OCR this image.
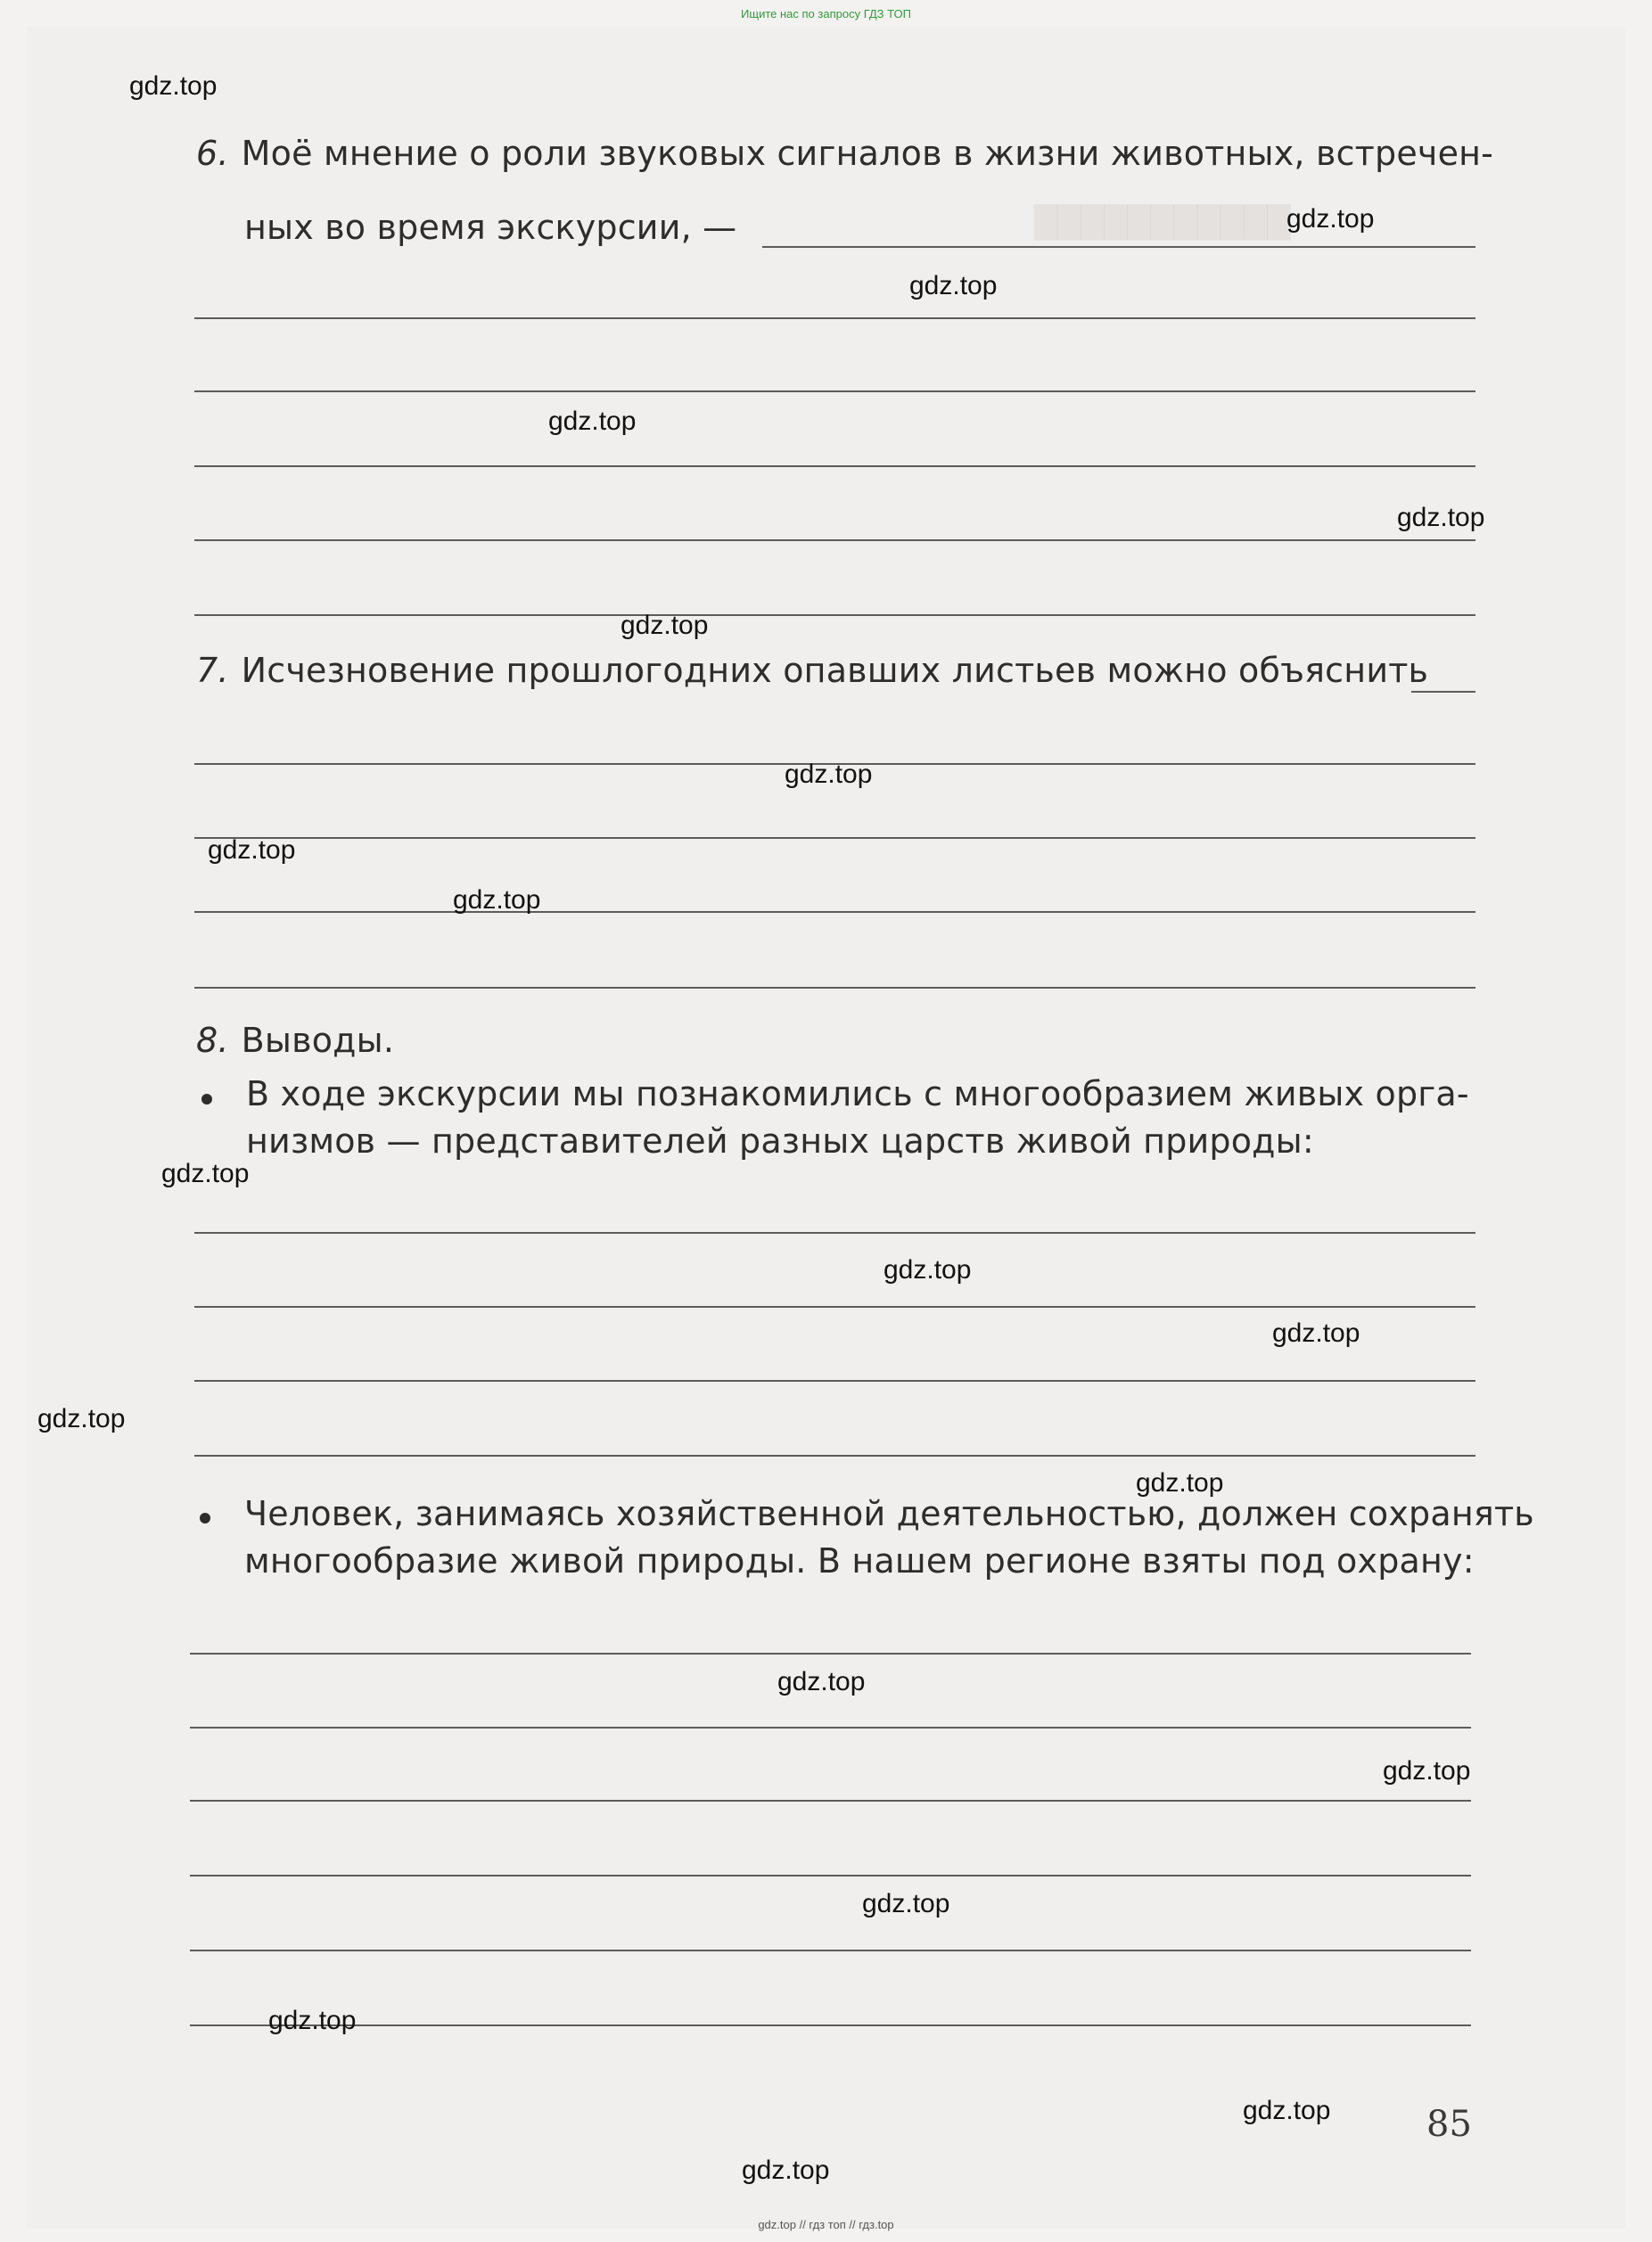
Ищите нас по запросу ГДЗ ТОП
███████████
6. Моё мнение о роли звуковых сигналов в жизни животных, встречен-
ных во время экскурсии, —
7. Исчезновение прошлогодних опавших листьев можно объяснить
8. Выводы.
В ходе экскурсии мы познакомились с многообразием живых орга-
низмов — представителей разных царств живой природы:
Человек, занимаясь хозяйственной деятельностью, должен сохранять
многообразие живой природы. В нашем регионе взяты под охрану:
85
gdz.top
gdz.top
gdz.top
gdz.top
gdz.top
gdz.top
gdz.top
gdz.top
gdz.top
gdz.top
gdz.top
gdz.top
gdz.top
gdz.top
gdz.top
gdz.top
gdz.top
gdz.top
gdz.top
gdz.top
gdz.top // гдз топ // гдз.top
